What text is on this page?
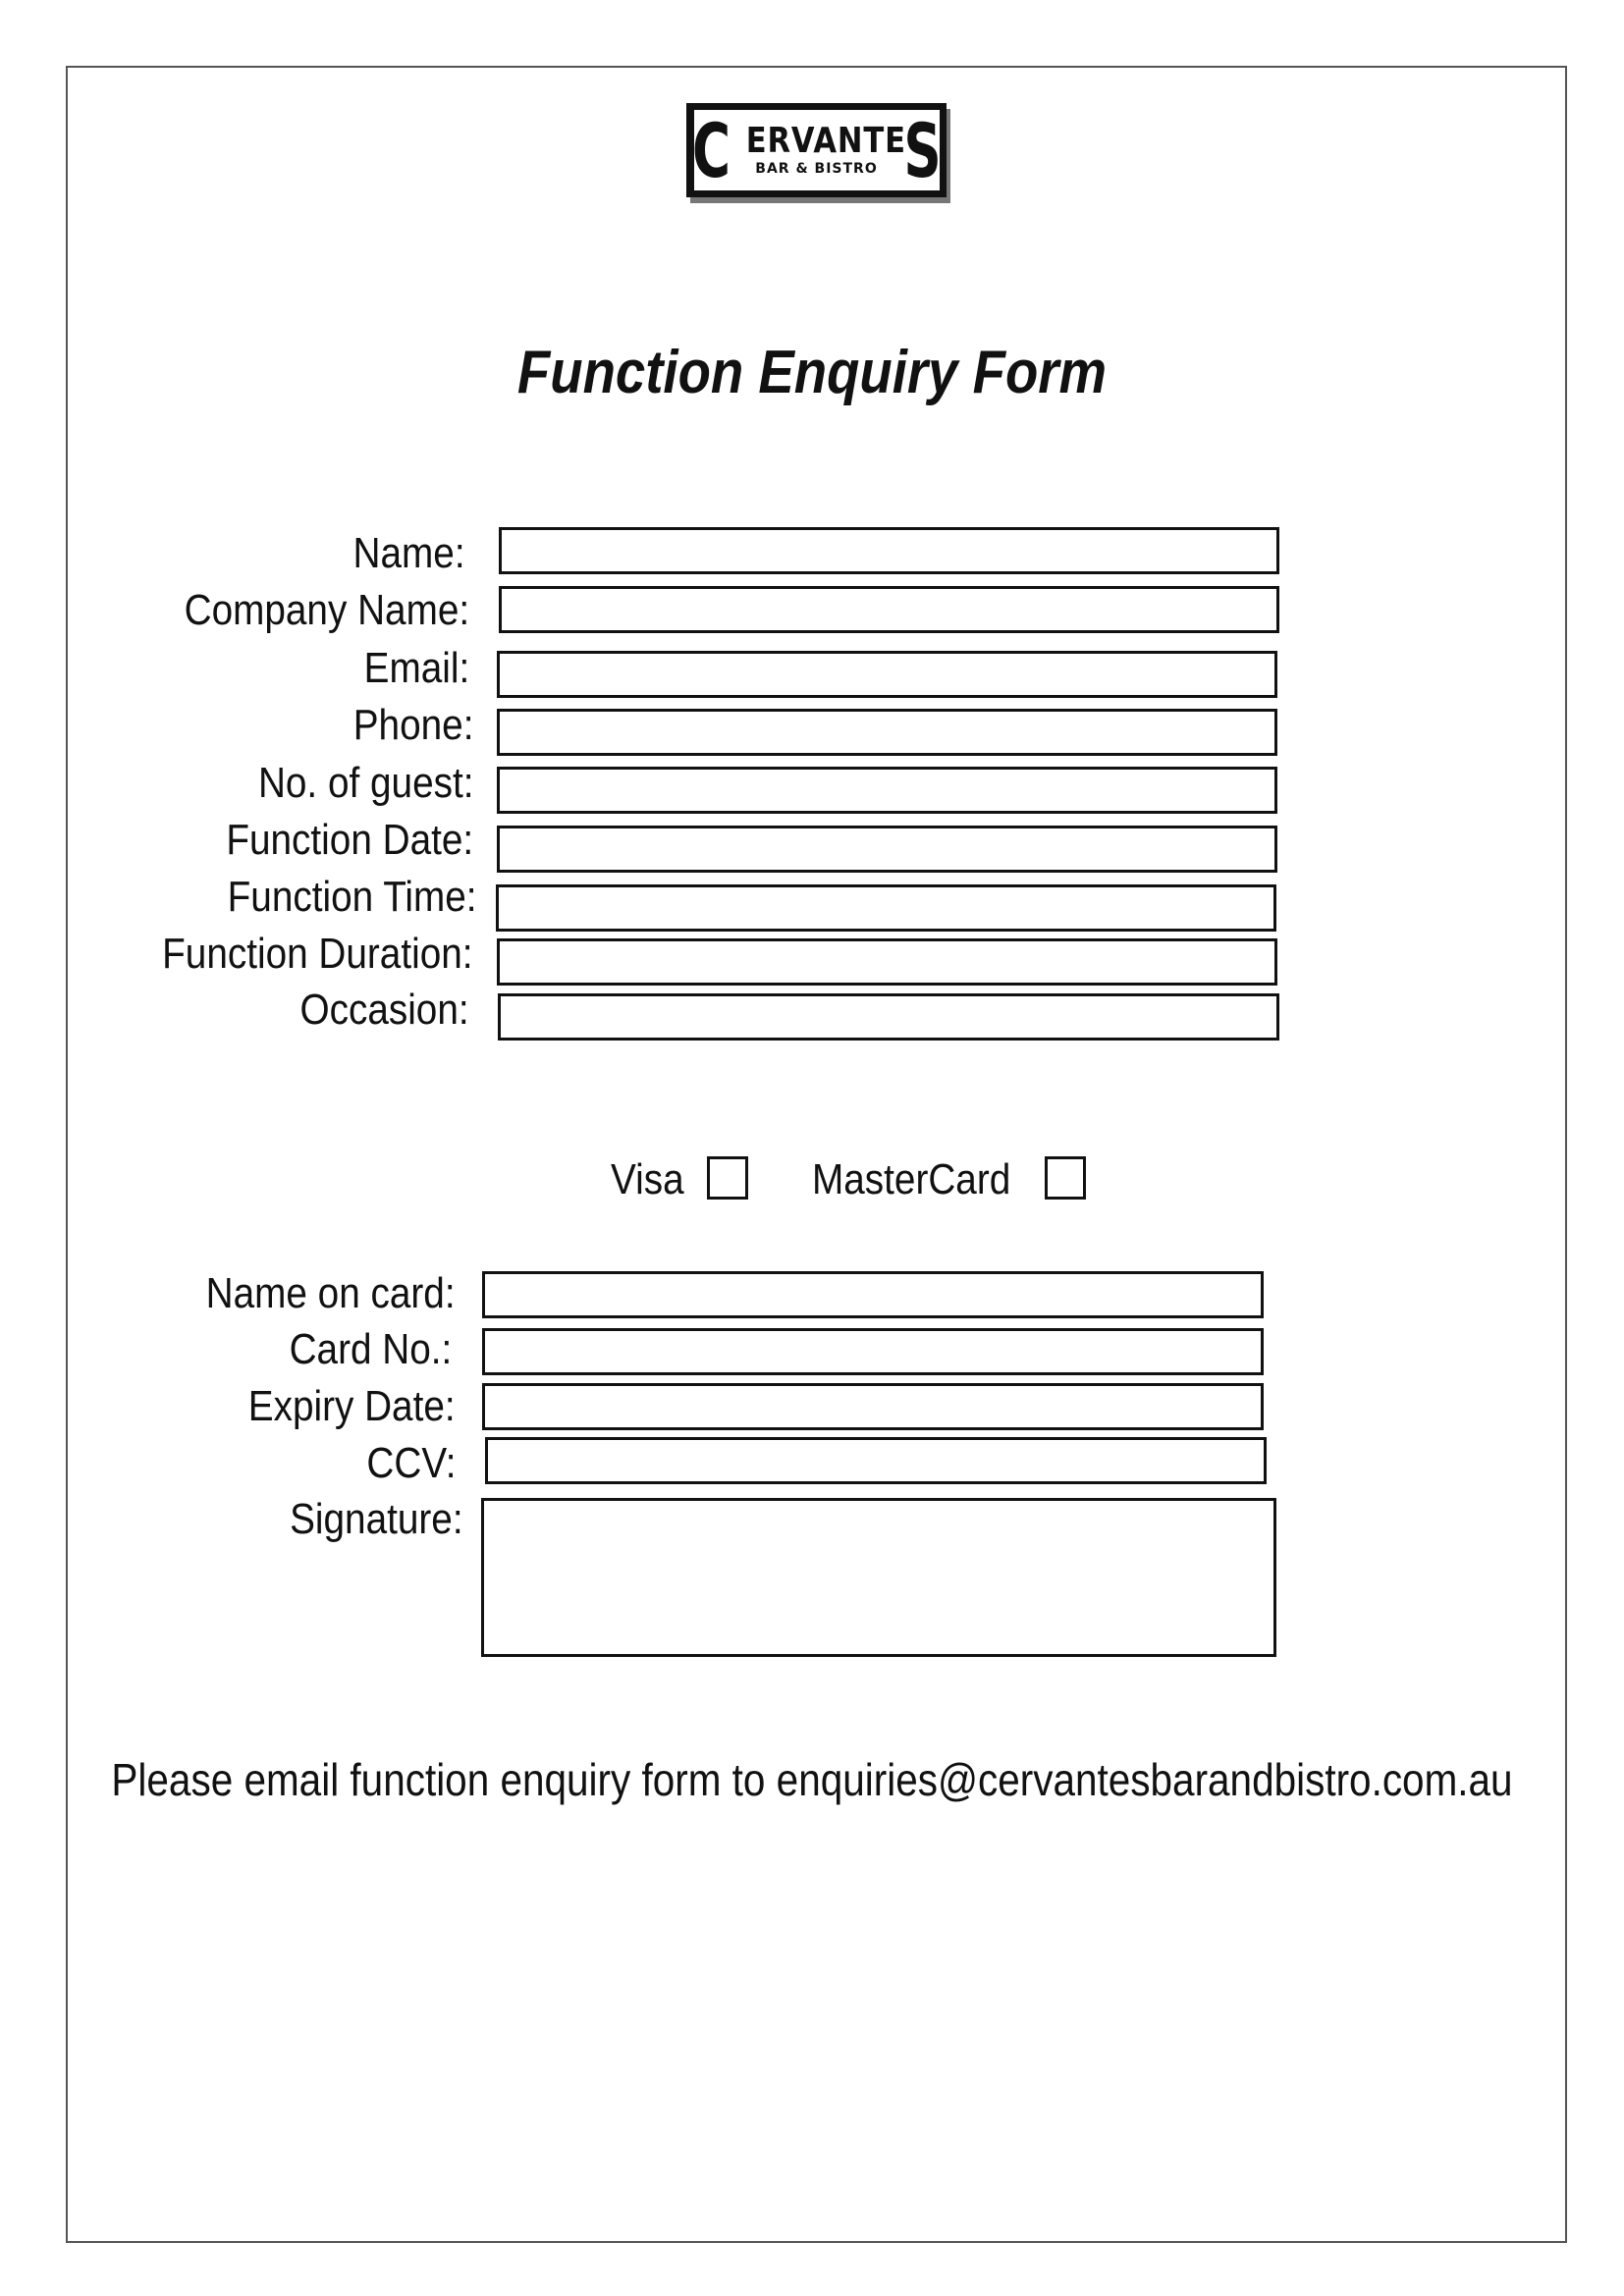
C ERVANTE
S
BAR & BISTRO
Function Enquiry Form
Name:
Company Name:
Email:
Phone:
No. of guest:
Function Date:
Function Time:
Function Duration:
Occasion:
Visa	MasterCard
Name on card:
Card No.:
Expiry Date:
CCV:
Signature:
Please email function enquiry form to enquiries@cervantesbarandbistro.com.au
